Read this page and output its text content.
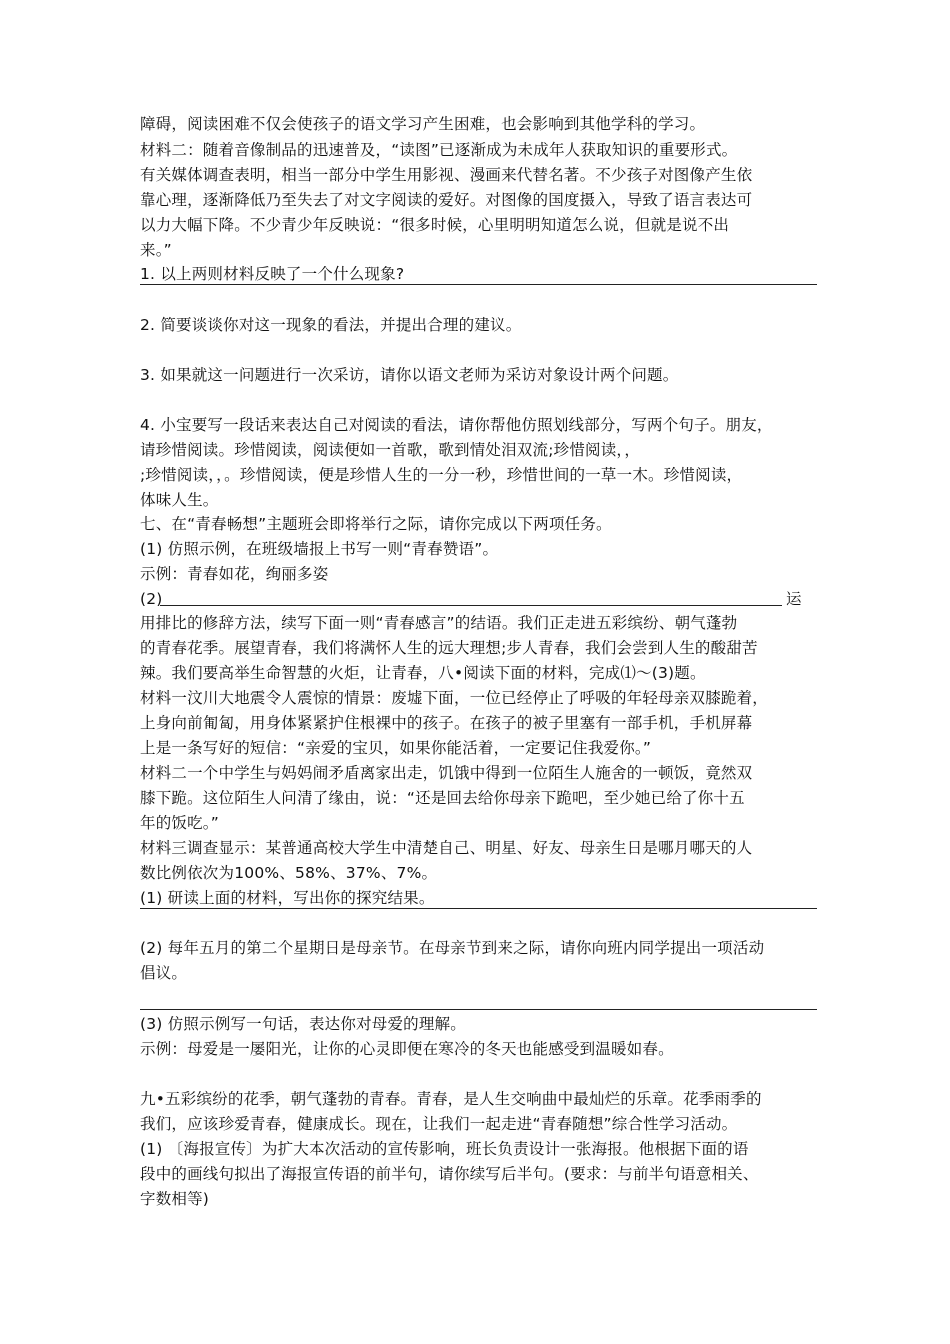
障碍，阅读困难不仅会使孩子的语文学习产生困难，也会影响到其他学科的学习。
材料二：随着音像制品的迅速普及，“读图”已逐渐成为未成年人获取知识的重要形式。
有关媒体调查表明，相当一部分中学生用影视、漫画来代替名著。不少孩子对图像产生依
靠心理，逐渐降低乃至失去了对文字阅读的爱好。对图像的国度摄入，导致了语言表达可
以力大幅下降。不少青少年反映说：“很多时候，心里明明知道怎么说，但就是说不出
来。”
1. 以上两则材料反映了一个什么现象?
2. 简要谈谈你对这一现象的看法，并提出合理的建议。
3. 如果就这一问题进行一次采访，请你以语文老师为采访对象设计两个问题。
4. 小宝要写一段话来表达自己对阅读的看法，请你帮他仿照划线部分，写两个句子。朋友，
请珍惜阅读。珍惜阅读，阅读便如一首歌，歌到情处泪双流;珍惜阅读，，
;珍惜阅读，，。珍惜阅读，便是珍惜人生的一分一秒，珍惜世间的一草一木。珍惜阅读，
体味人生。
七、在“青春畅想”主题班会即将举行之际，请你完成以下两项任务。
(1) 仿照示例，在班级墙报上书写一则“青春赞语”。
示例：青春如花，绚丽多姿
(2)	运
用排比的修辞方法，续写下面一则“青春感言”的结语。我们正走进五彩缤纷、朝气蓬勃
的青春花季。展望青春，我们将满怀人生的远大理想;步人青春，我们会尝到人生的酸甜苦
辣。我们要高举生命智慧的火炬，让青春，八•阅读下面的材料，完成⑴〜(3)题。
材料一汶川大地震令人震惊的情景：废墟下面，一位已经停止了呼吸的年轻母亲双膝跪着，
上身向前匍匐，用身体紧紧护住根裸中的孩子。在孩子的被子里塞有一部手机，手机屏幕
上是一条写好的短信：“亲爱的宝贝，如果你能活着，一定要记住我爱你。”
材料二一个中学生与妈妈闹矛盾离家出走，饥饿中得到一位陌生人施舍的一顿饭，竟然双
膝下跪。这位陌生人问清了缘由，说：“还是回去给你母亲下跪吧，至少她已给了你十五
年的饭吃。”
材料三调查显示：某普通高校大学生中清楚自己、明星、好友、母亲生日是哪月哪天的人
数比例依次为100%、58%、37%、7%。
(1) 研读上面的材料，写出你的探究结果。
(2) 每年五月的第二个星期日是母亲节。在母亲节到来之际，请你向班内同学提出一项活动
倡议。
(3) 仿照示例写一句话，表达你对母爱的理解。
示例：母爱是一屡阳光，让你的心灵即便在寒冷的冬天也能感受到温暖如春。
九•五彩缤纷的花季，朝气蓬勃的青春。青春，是人生交响曲中最灿烂的乐章。花季雨季的
我们，应该珍爱青春，健康成长。现在，让我们一起走进“青春随想”综合性学习活动。
(1) 〔海报宣传〕为扩大本次活动的宣传影响，班长负责设计一张海报。他根据下面的语
段中的画线句拟出了海报宣传语的前半句，请你续写后半句。(要求：与前半句语意相关、
字数相等)
